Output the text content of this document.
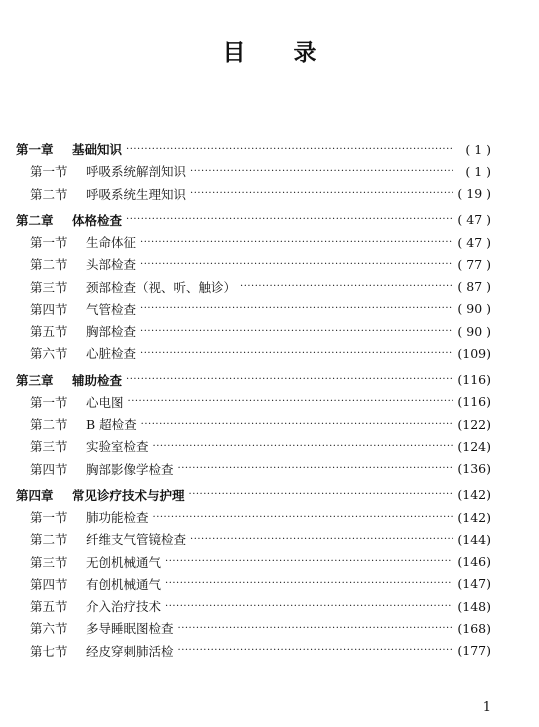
目 录
第一章	基础知识 ·····	( 1 )
第一节	呼吸系统解剖知识 ·····	( 1 )
第二节	呼吸系统生理知识 ·····	( 19 )
第二章	体格检查 ·····	( 47 )
第一节	生命体征 ·····	( 47 )
第二节	头部检查 ·····	( 77 )
第三节	颈部检查（视、听、触诊） ·····	( 87 )
第四节	气管检查 ·····	( 90 )
第五节	胸部检查 ·····	( 90 )
第六节	心脏检查 ·····	(109)
第三章	辅助检查 ·····	(116)
第一节	心电图 ·····	(116)
第二节	B 超检查 ·····	(122)
第三节	实验室检查 ·····	(124)
第四节	胸部影像学检查 ·····	(136)
第四章	常见诊疗技术与护理 ·····	(142)
第一节	肺功能检查 ·····	(142)
第二节	纤维支气管镜检查 ·····	(144)
第三节	无创机械通气 ·····	(146)
第四节	有创机械通气 ·····	(147)
第五节	介入治疗技术 ·····	(148)
第六节	多导睡眠图检查 ·····	(168)
第七节	经皮穿刺肺活检 ·····	(177)
1
